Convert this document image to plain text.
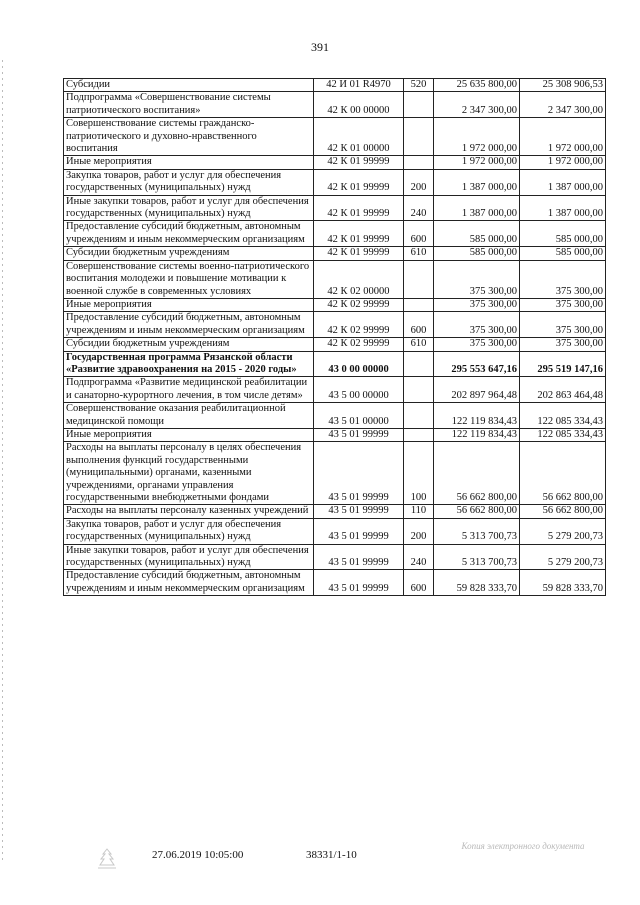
391
Субсидии	42 И 01 R4970	520	25 635 800,00	25 308 906,53
Подпрограмма «Совершенствование системы патриотического воспитания»	42 К 00 00000		2 347 300,00	2 347 300,00
Совершенствование системы гражданско-патриотического и духовно-нравственного воспитания	42 К 01 00000		1 972 000,00	1 972 000,00
Иные мероприятия	42 К 01 99999		1 972 000,00	1 972 000,00
Закупка товаров, работ и услуг для обеспечения государственных (муниципальных) нужд	42 К 01 99999	200	1 387 000,00	1 387 000,00
Иные закупки товаров, работ и услуг для обеспечения государственных (муниципальных) нужд	42 К 01 99999	240	1 387 000,00	1 387 000,00
Предоставление субсидий бюджетным, автономным учреждениям и иным некоммерческим организациям	42 К 01 99999	600	585 000,00	585 000,00
Субсидии бюджетным учреждениям	42 К 01 99999	610	585 000,00	585 000,00
Совершенствование системы военно-патриотического воспитания молодежи и повышение мотивации к военной службе в современных условиях	42 К 02 00000		375 300,00	375 300,00
Иные мероприятия	42 К 02 99999		375 300,00	375 300,00
Предоставление субсидий бюджетным, автономным учреждениям и иным некоммерческим организациям	42 К 02 99999	600	375 300,00	375 300,00
Субсидии бюджетным учреждениям	42 К 02 99999	610	375 300,00	375 300,00
Государственная программа Рязанской области «Развитие здравоохранения на 2015 - 2020 годы»	43 0 00 00000		295 553 647,16	295 519 147,16
Подпрограмма «Развитие медицинской реабилитации и санаторно-курортного лечения, в том числе детям»	43 5 00 00000		202 897 964,48	202 863 464,48
Совершенствование оказания реабилитационной медицинской помощи	43 5 01 00000		122 119 834,43	122 085 334,43
Иные мероприятия	43 5 01 99999		122 119 834,43	122 085 334,43
Расходы на выплаты персоналу в целях обеспечения выполнения функций государственными (муниципальными) органами, казенными учреждениями, органами управления государственными внебюджетными фондами	43 5 01 99999	100	56 662 800,00	56 662 800,00
Расходы на выплаты персоналу казенных учреждений	43 5 01 99999	110	56 662 800,00	56 662 800,00
Закупка товаров, работ и услуг для обеспечения государственных (муниципальных) нужд	43 5 01 99999	200	5 313 700,73	5 279 200,73
Иные закупки товаров, работ и услуг для обеспечения государственных (муниципальных) нужд	43 5 01 99999	240	5 313 700,73	5 279 200,73
Предоставление субсидий бюджетным, автономным учреждениям и иным некоммерческим организациям	43 5 01 99999	600	59 828 333,70	59 828 333,70
27.06.2019 10:05:00	38331/1-10
Копия электронного документа
